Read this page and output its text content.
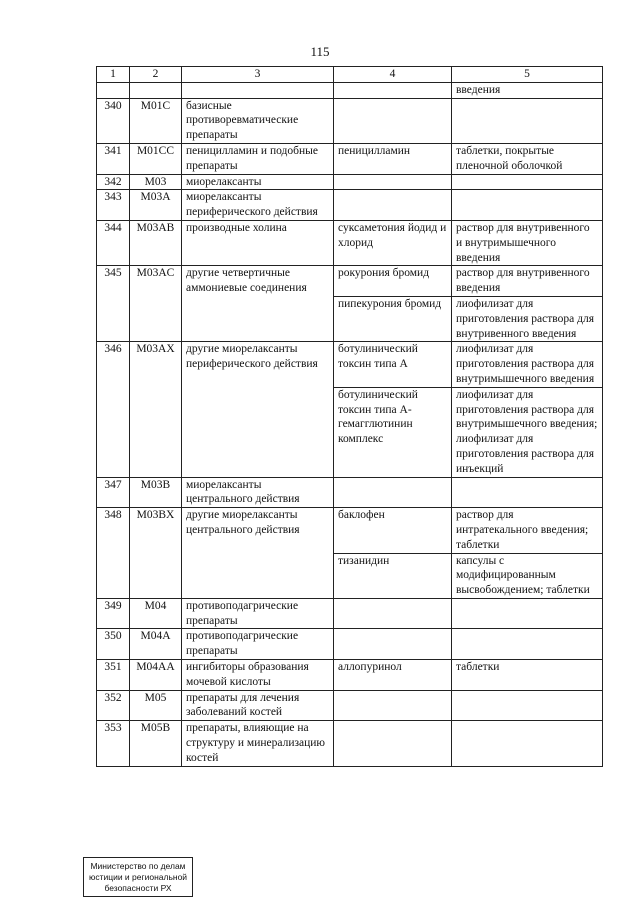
115
1	2	3	4	5
				введения
340	M01C	базисные противоревматические препараты		
341	M01CC	пеницилламин и подобные препараты	пеницилламин	таблетки, покрытые пленочной оболочкой
342	M03	миорелаксанты		
343	M03A	миорелаксанты периферического действия		
344	M03AB	производные холина	суксаметония йодид и хлорид	раствор для внутривенного и внутримышечного введения
345	M03AC	другие четвертичные аммониевые соединения	рокурония бромид	раствор для внутривенного введения
			пипекурония бромид	лиофилизат для приготовления раствора для внутривенного введения
346	M03AX	другие миорелаксанты периферического действия	ботулинический токсин типа А	лиофилизат для приготовления раствора для внутримышечного введения
			ботулинический токсин типа А-гемагглютинин комплекс	лиофилизат для приготовления раствора для внутримышечного введения; лиофилизат для приготовления раствора для инъекций
347	M03B	миорелаксанты центрального действия		
348	M03BX	другие миорелаксанты центрального действия	баклофен	раствор для интратекального введения; таблетки
			тизанидин	капсулы с модифицированным высвобождением; таблетки
349	M04	противоподагрические препараты		
350	M04A	противоподагрические препараты		
351	M04AA	ингибиторы образования мочевой кислоты	аллопуринол	таблетки
352	M05	препараты для лечения заболеваний костей		
353	M05B	препараты, влияющие на структуру и минерализацию костей		
Министерство по делам
юстиции и региональной
безопасности РХ
